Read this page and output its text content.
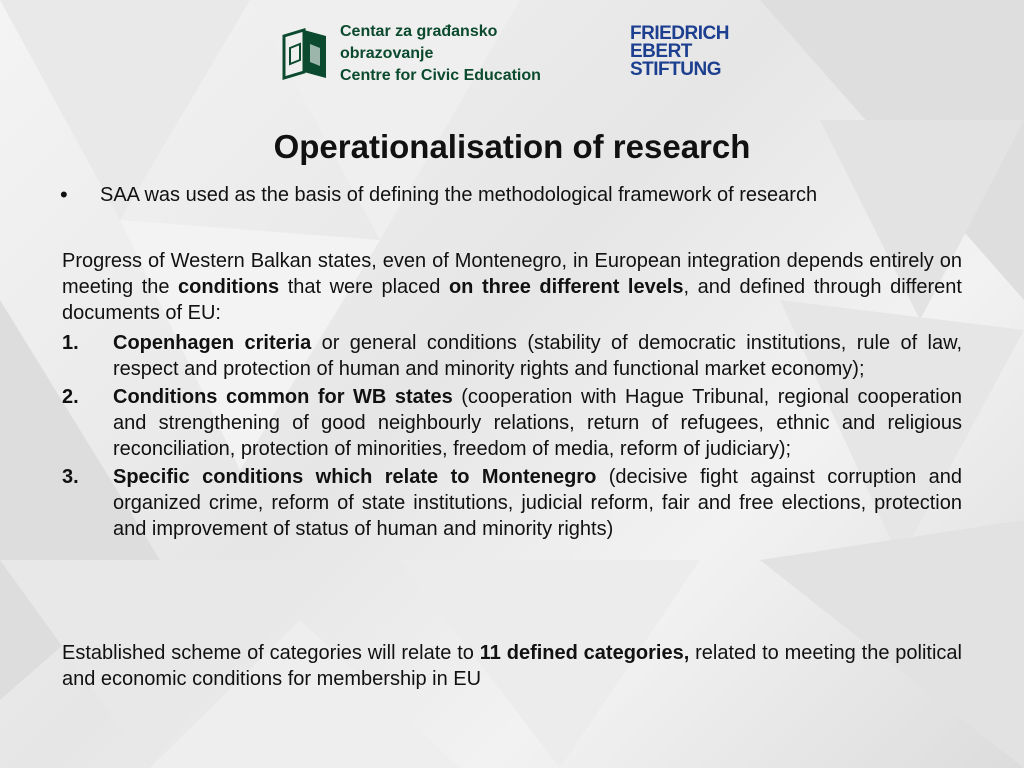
Centar za građansko obrazovanje
Centre for Civic Education
FRIEDRICH
EBERT
STIFTUNG
Operationalisation of research
• SAA was used as the basis of defining the methodological framework of research
Progress of Western Balkan states, even of Montenegro, in European integration depends entirely on meeting the conditions that were placed on three different levels, and defined through different documents of EU:
1. Copenhagen criteria or general conditions (stability of democratic institutions, rule of law, respect and protection of human and minority rights and functional market economy);
2. Conditions common for WB states (cooperation with Hague Tribunal, regional cooperation and strengthening of good neighbourly relations, return of refugees, ethnic and religious reconciliation, protection of minorities, freedom of media, reform of judiciary);
3. Specific conditions which relate to Montenegro (decisive fight against corruption and organized crime, reform of state institutions, judicial reform, fair and free elections, protection and improvement of status of human and minority rights)
Established scheme of categories will relate to 11 defined categories, related to meeting the political and economic conditions for membership in EU
